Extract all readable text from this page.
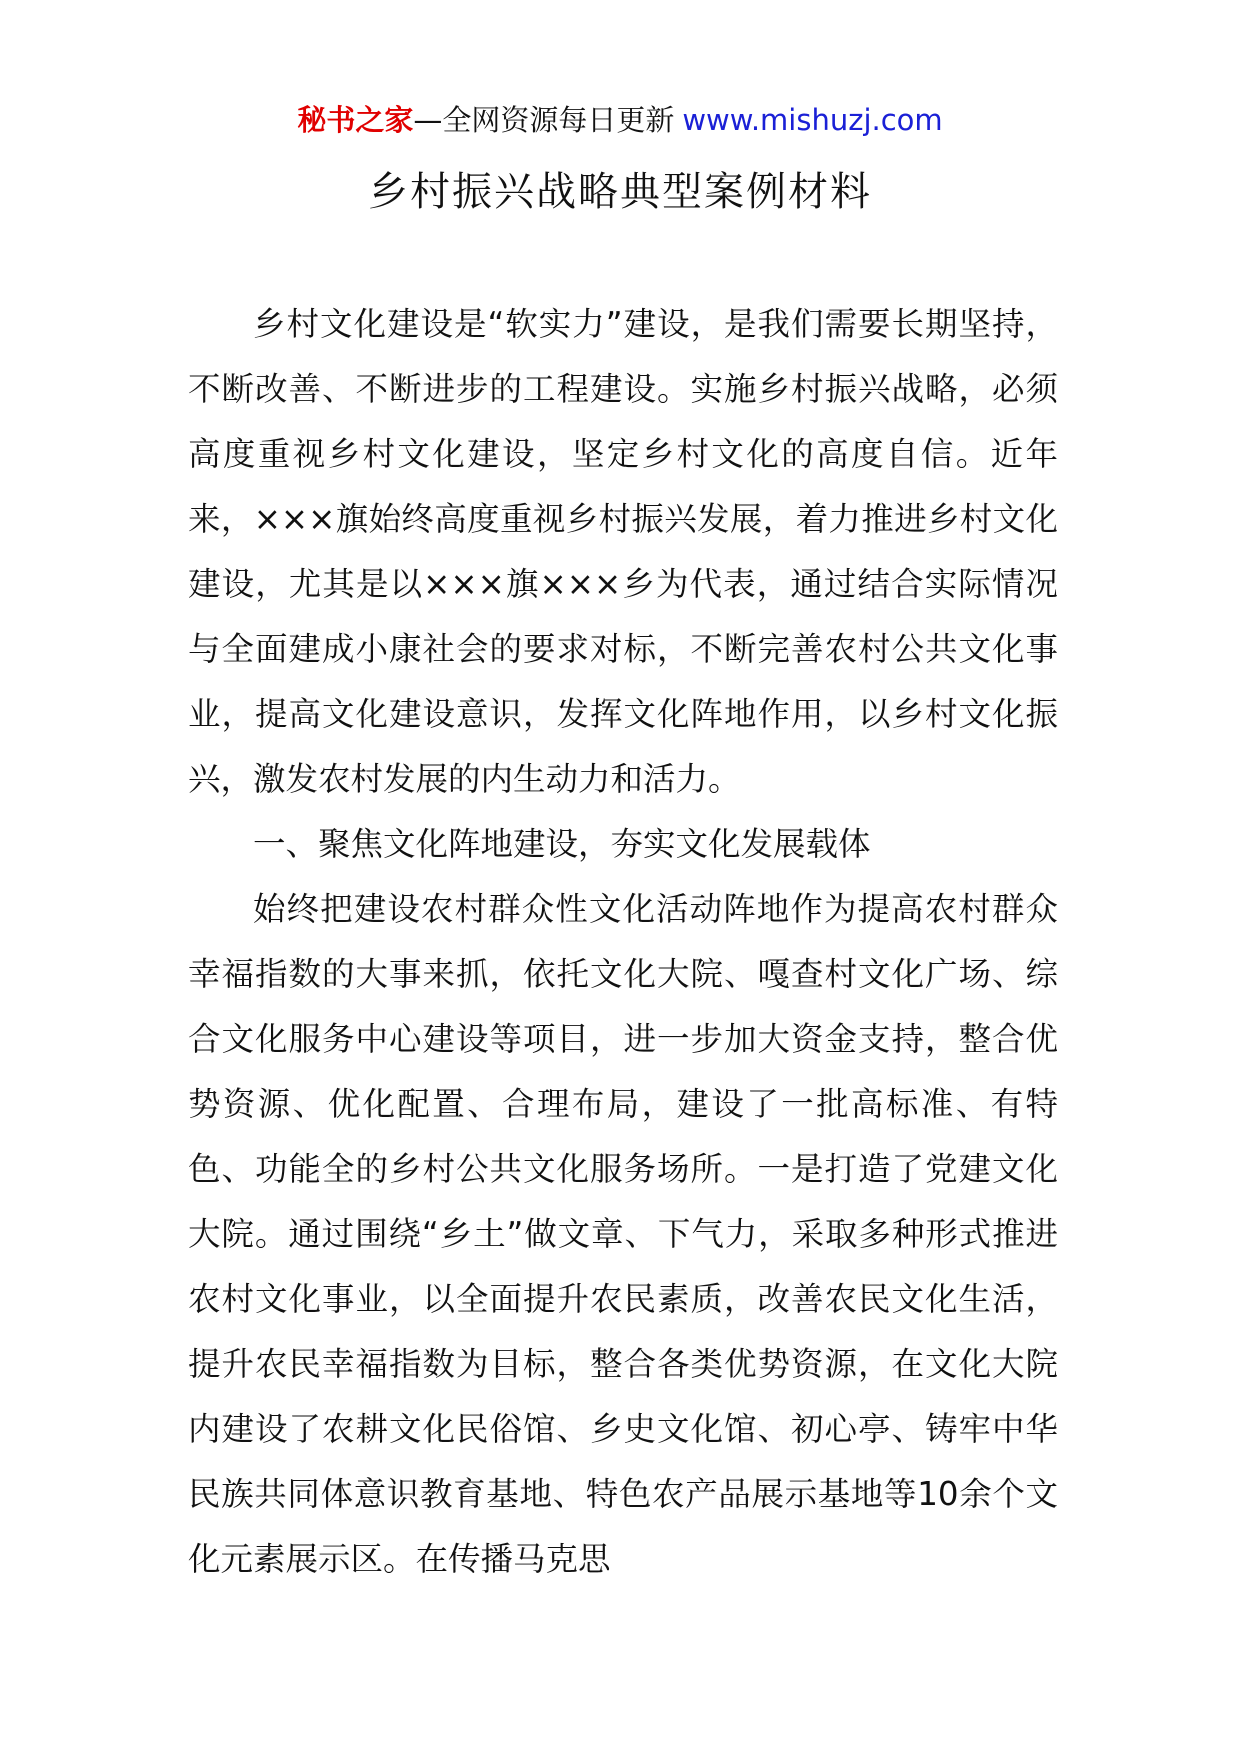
秘书之家—全网资源每日更新 www.mishuzj.com
乡村振兴战略典型案例材料

乡村文化建设是“软实力”建设，是我们需要长期坚持，不断改善、不断进步的工程建设。实施乡村振兴战略，必须高度重视乡村文化建设，坚定乡村文化的高度自信。近年来，×××旗始终高度重视乡村振兴发展，着力推进乡村文化建设，尤其是以×××旗×××乡为代表，通过结合实际情况与全面建成小康社会的要求对标，不断完善农村公共文化事业，提高文化建设意识，发挥文化阵地作用，以乡村文化振兴，激发农村发展的内生动力和活力。

一、聚焦文化阵地建设，夯实文化发展载体

始终把建设农村群众性文化活动阵地作为提高农村群众幸福指数的大事来抓，依托文化大院、嘎查村文化广场、综合文化服务中心建设等项目，进一步加大资金支持，整合优势资源、优化配置、合理布局，建设了一批高标准、有特色、功能全的乡村公共文化服务场所。一是打造了党建文化大院。通过围绕“乡土”做文章、下气力，采取多种形式推进农村文化事业，以全面提升农民素质，改善农民文化生活，提升农民幸福指数为目标，整合各类优势资源，在文化大院内建设了农耕文化民俗馆、乡史文化馆、初心亭、铸牢中华民族共同体意识教育基地、特色农产品展示基地等10余个文化元素展示区。在传播马克思
